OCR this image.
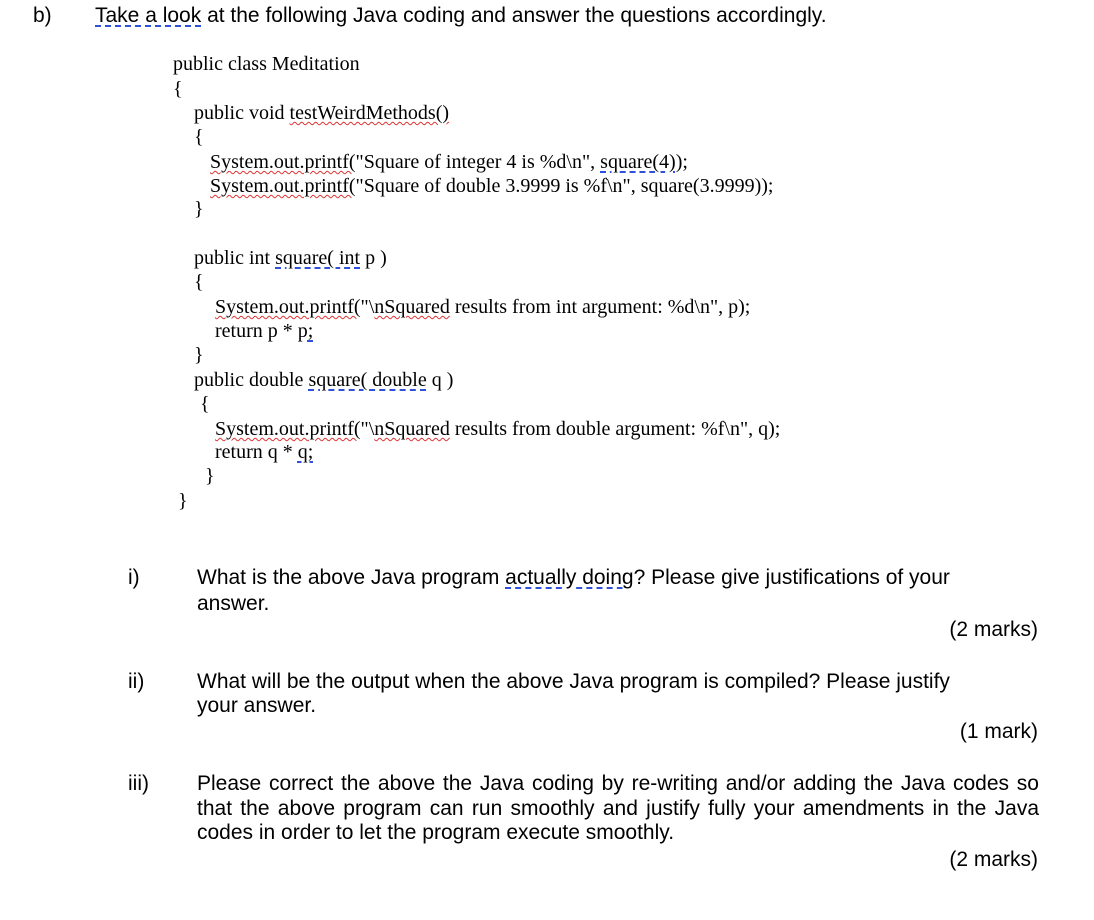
b) Take a look at the following Java coding and answer the questions accordingly.
public class Meditation
{
public void testWeirdMethods()
{
System.out.printf("Square of integer 4 is %d\n", square(4));
System.out.printf("Square of double 3.9999 is %f\n", square(3.9999));
}
public int square( int p )
{
System.out.printf("\nSquared results from int argument: %d\n", p);
return p * p;
}
public double square( double q )
{
System.out.printf("\nSquared results from double argument: %f\n", q);
return q * q;
}
}
i)	What is the above Java program actually doing? Please give justifications of your
answer.
(2 marks)
ii)	What will be the output when the above Java program is compiled? Please justify
your answer.
(1 mark)
iii) Please correct the above the Java coding by re-writing and/or adding the Java codes so that the above program can run smoothly and justify fully your amendments in the Java codes in order to let the program execute smoothly.
(2 marks)
